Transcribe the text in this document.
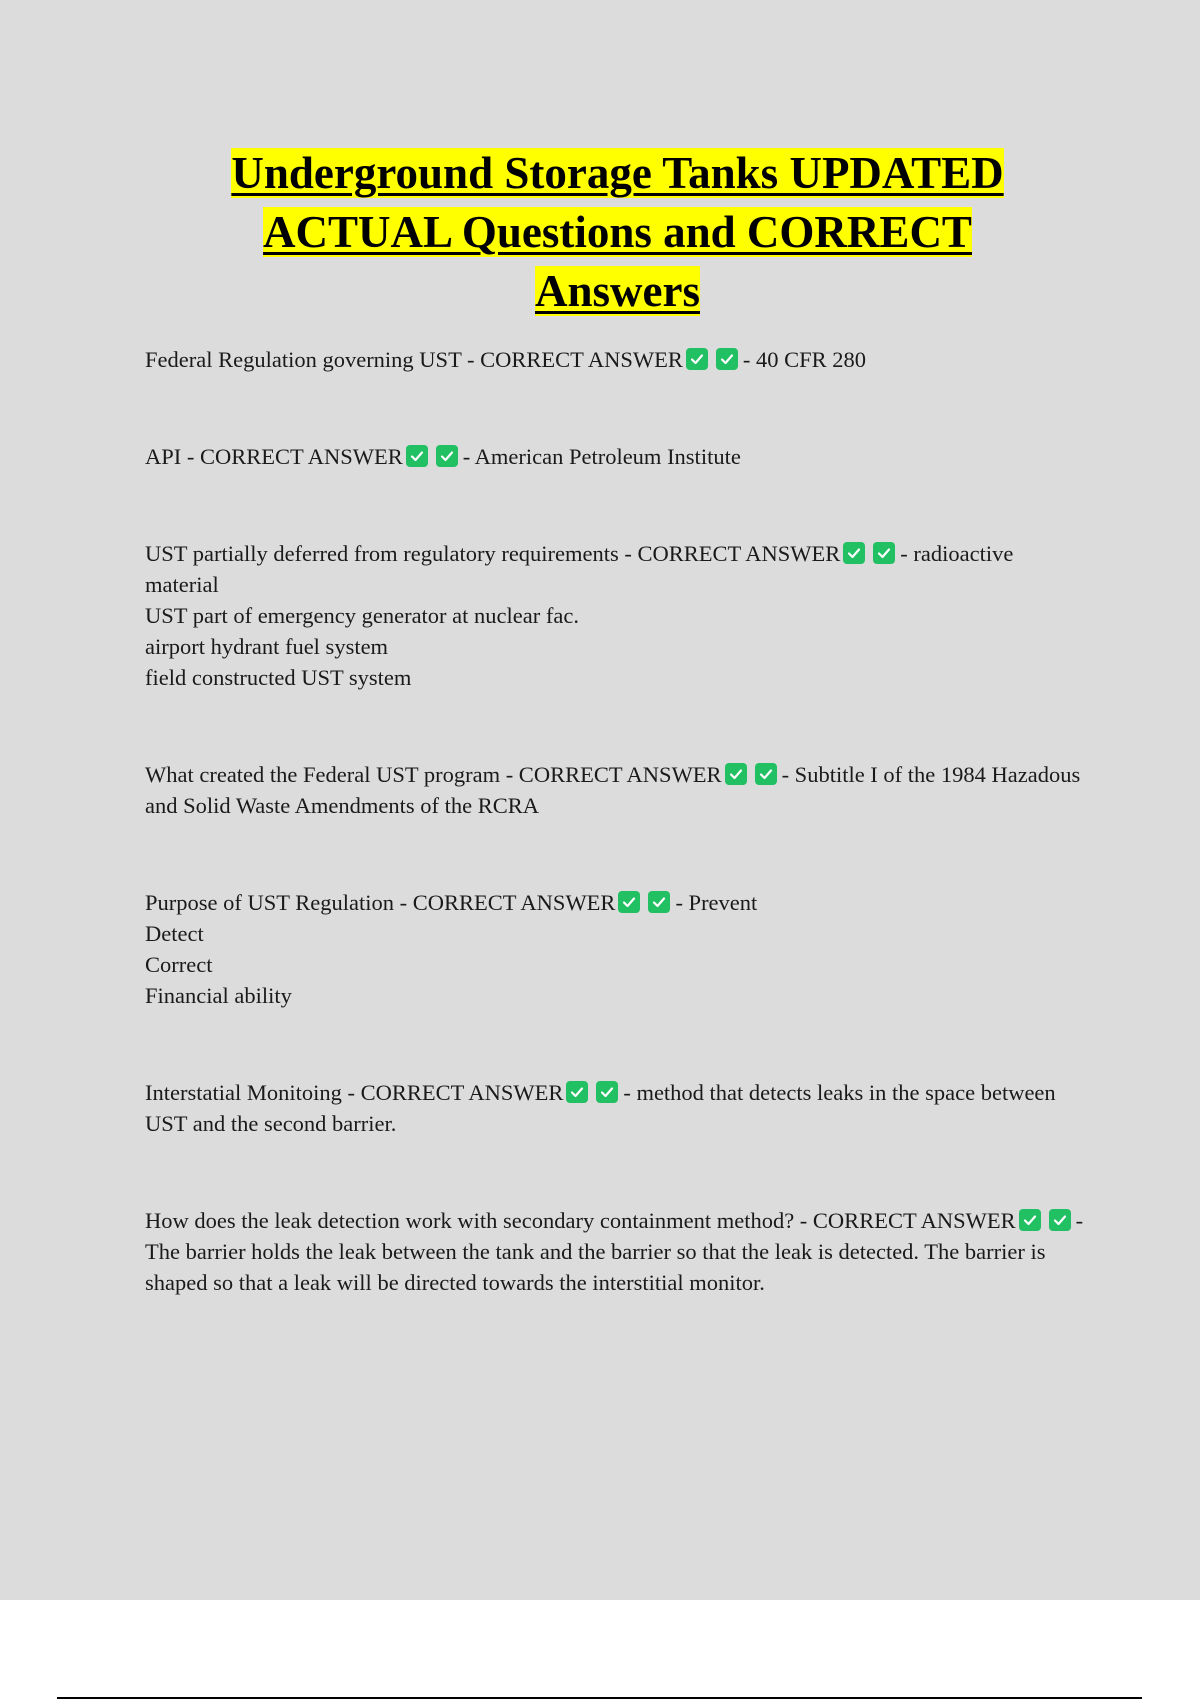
Underground Storage Tanks UPDATED
ACTUAL Questions and CORRECT
Answers

Federal Regulation governing UST - CORRECT ANSWER	- 40 CFR 280

API - CORRECT ANSWER	- American Petroleum Institute

UST partially deferred from regulatory requirements - CORRECT ANSWER	- radioactive material

UST part of emergency generator at nuclear fac.

airport hydrant fuel system

field constructed UST system

What created the Federal UST program - CORRECT ANSWER	- Subtitle I of the 1984 Hazadous and Solid Waste Amendments of the RCRA

Purpose of UST Regulation - CORRECT ANSWER	- Prevent

Detect

Correct

Financial ability

Interstatial Monitoing - CORRECT ANSWER	- method that detects leaks in the space between UST and the second barrier.

How does the leak detection work with secondary containment method? - CORRECT ANSWER	- The barrier holds the leak between the tank and the barrier so that the leak is detected. The barrier is shaped so that a leak will be directed towards the interstitial monitor.
